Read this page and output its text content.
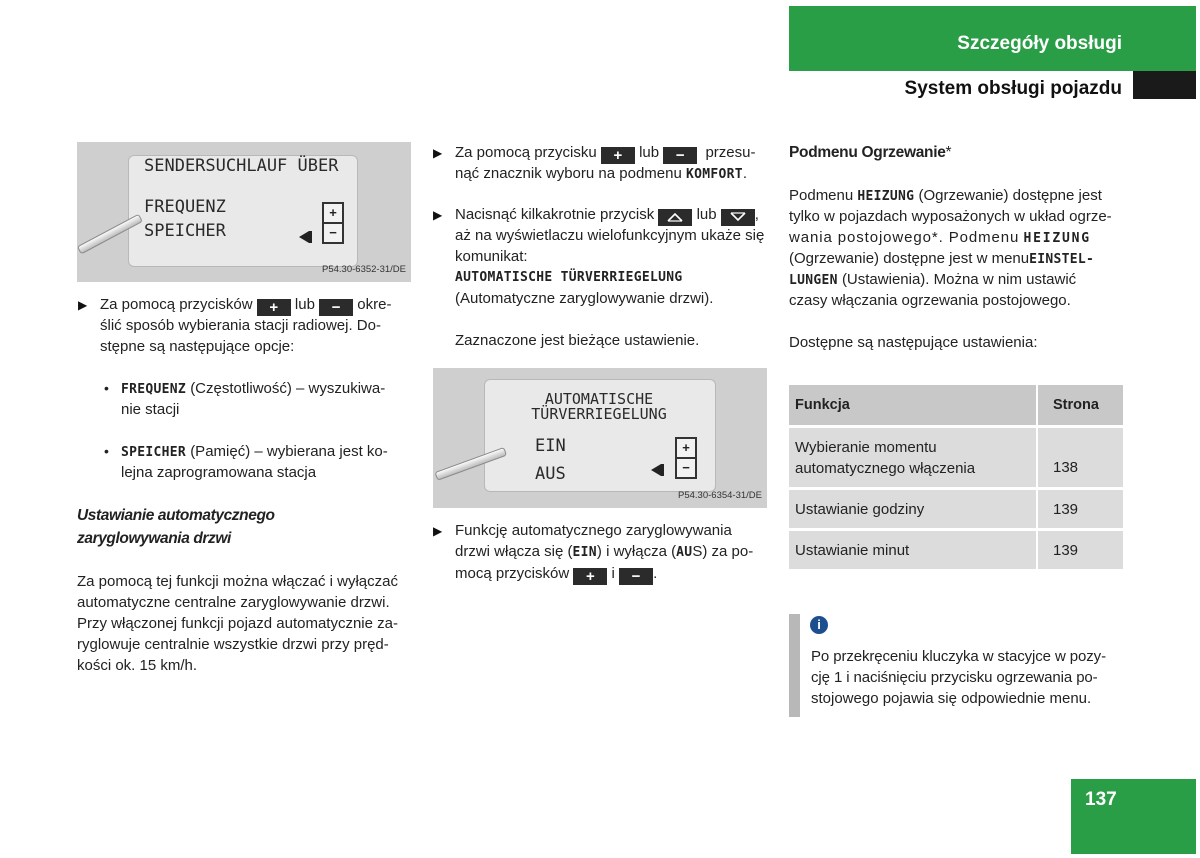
Szczegóły obsługi
System obsługi pojazdu
SENDERSUCHLAUF ÜBER
FREQUENZ
SPEICHER
+
−
P54.30-6352-31/DE
▶ Za pomocą przycisków + lub − okre-
ślić sposób wybierania stacji radiowej. Do-
stępne są następujące opcje:
• FREQUENZ (Częstotliwość) – wyszukiwa-
nie stacji
• SPEICHER (Pamięć) – wybierana jest ko-
lejna zaprogramowana stacja
Ustawianie automatycznego
zaryglowywania drzwi
Za pomocą tej funkcji można włączać i wyłączać
automatyczne centralne zaryglowywanie drzwi.
Przy włączonej funkcji pojazd automatycznie za-
ryglowuje centralnie wszystkie drzwi przy pręd-
kości ok. 15 km/h.
▶ Za pomocą przycisku + lub − przesu-
nąć znacznik wyboru na podmenu KOMFORT.
▶ Nacisnąć kilkakrotnie przycisk	lub	,
aż na wyświetlaczu wielofunkcyjnym ukaże się
komunikat:
AUTOMATISCHE TÜRVERRIEGELUNG
(Automatyczne zaryglowywanie drzwi).
Zaznaczone jest bieżące ustawienie.
AUTOMATISCHE
TÜRVERRIEGELUNG
EIN
AUS
+
−
P54.30-6354-31/DE
▶ Funkcję automatycznego zaryglowywania
drzwi włącza się (EIN) i wyłącza (AUS) za po-
mocą przycisków + i − .
Podmenu Ogrzewanie*
Podmenu HEIZUNG (Ogrzewanie) dostępne jest
tylko w pojazdach wyposażonych w układ ogrze-
wania postojowego*. Podmenu HEIZUNG
(Ogrzewanie) dostępne jest w menuEINSTEL-
LUNGEN (Ustawienia). Można w nim ustawić
czasy włączania ogrzewania postojowego.
Dostępne są następujące ustawienia:
Funkcja	Strona

Wybieranie momentu
automatycznego włączenia	138

Ustawianie godziny	139

Ustawianie minut	139
i
Po przekręceniu kluczyka w stacyjce w pozy-
cję 1 i naciśnięciu przycisku ogrzewania po-
stojowego pojawia się odpowiednie menu.
137
